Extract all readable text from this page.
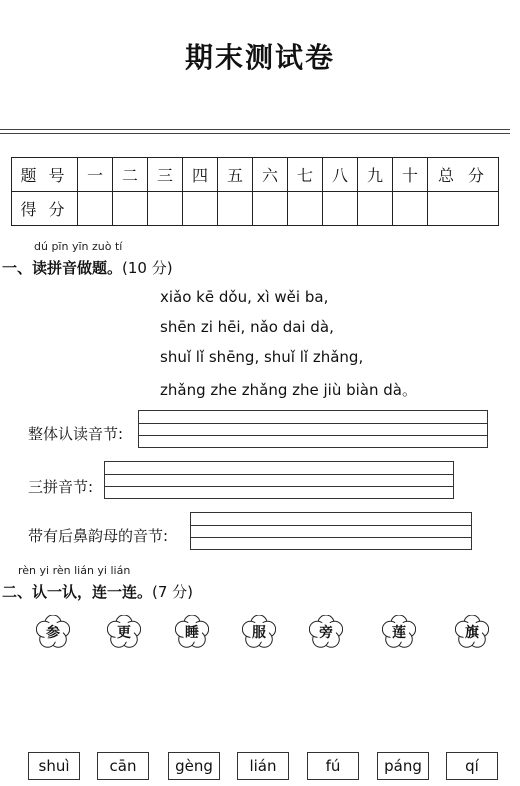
期末测试卷
题号	一	二	三	四	五	六	七	八	九	十	总分
得分											
dú pīn yīn zuò tí
一、读拼音做题。(10 分)
xiǎo kē dǒu, xì wěi ba,
shēn zi hēi, nǎo dai dà,
shuǐ lǐ shēng, shuǐ lǐ zhǎng,
zhǎng zhe zhǎng zhe jiù biàn dà。
整体认读音节:
三拼音节:
带有后鼻韵母的音节:
rèn yi rèn lián yi lián
二、认一认，连一连。(7 分)
参	更	睡	服	旁	莲	旗
shuì	cān	gèng	lián	fú	páng	qí
